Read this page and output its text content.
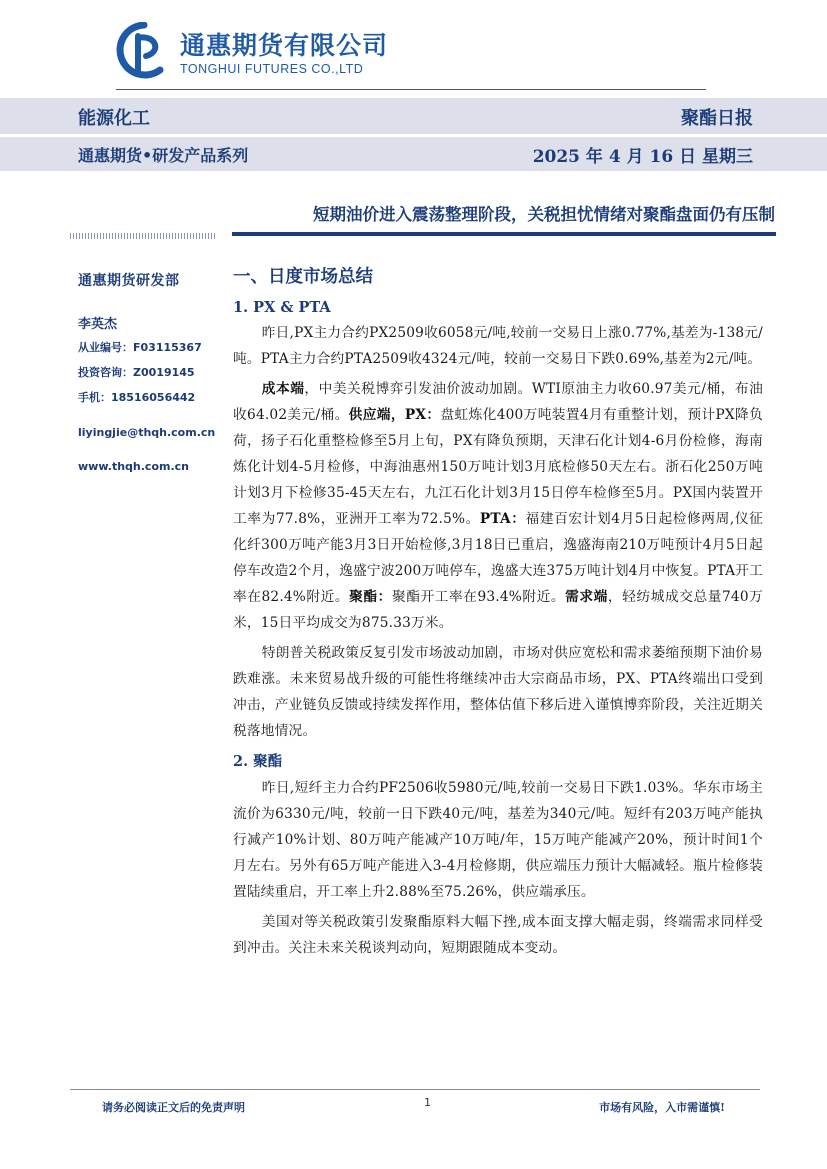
通惠期货有限公司
TONGHUI FUTURES CO.,LTD
能源化工	聚酯日报
通惠期货•研发产品系列	2025 年 4 月 16 日 星期三
短期油价进入震荡整理阶段，关税担忧情绪对聚酯盘面仍有压制
通惠期货研发部
李英杰
从业编号：F03115367
投资咨询：Z0019145
手机：18516056442
liyingjie@thqh.com.cn
www.thqh.com.cn
一、日度市场总结
1. PX & PTA

昨日,PX主力合约PX2509收6058元/吨,较前一交易日上涨0.77%,基差为-138元/吨。PTA主力合约PTA2509收4324元/吨，较前一交易日下跌0.69%,基差为2元/吨。

成本端，中美关税博弈引发油价波动加剧。WTI原油主力收60.97美元/桶，布油收64.02美元/桶。供应端，PX：盘虹炼化400万吨装置4月有重整计划，预计PX降负荷，扬子石化重整检修至5月上旬，PX有降负预期，天津石化计划4-6月份检修，海南炼化计划4-5月检修，中海油惠州150万吨计划3月底检修50天左右。浙石化250万吨计划3月下检修35-45天左右，九江石化计划3月15日停车检修至5月。PX国内装置开工率为77.8%，亚洲开工率为72.5%。PTA：福建百宏计划4月5日起检修两周,仪征化纤300万吨产能3月3日开始检修,3月18日已重启，逸盛海南210万吨预计4月5日起停车改造2个月，逸盛宁波200万吨停车，逸盛大连375万吨计划4月中恢复。PTA开工率在82.4%附近。聚酯：聚酯开工率在93.4%附近。需求端，轻纺城成交总量740万米，15日平均成交为875.33万米。

特朗普关税政策反复引发市场波动加剧，市场对供应宽松和需求萎缩预期下油价易跌难涨。未来贸易战升级的可能性将继续冲击大宗商品市场，PX、PTA终端出口受到冲击，产业链负反馈或持续发挥作用，整体估值下移后进入谨慎博弈阶段，关注近期关税落地情况。

2. 聚酯

昨日,短纤主力合约PF2506收5980元/吨,较前一交易日下跌1.03%。华东市场主流价为6330元/吨，较前一日下跌40元/吨，基差为340元/吨。短纤有203万吨产能执行减产10%计划、80万吨产能减产10万吨/年，15万吨产能减产20%，预计时间1个月左右。另外有65万吨产能进入3-4月检修期，供应端压力预计大幅减轻。瓶片检修装置陆续重启，开工率上升2.88%至75.26%，供应端承压。

美国对等关税政策引发聚酯原料大幅下挫,成本面支撑大幅走弱，终端需求同样受到冲击。关注未来关税谈判动向，短期跟随成本变动。

请务必阅读正文后的免责声明	1	市场有风险，入市需谨慎!
